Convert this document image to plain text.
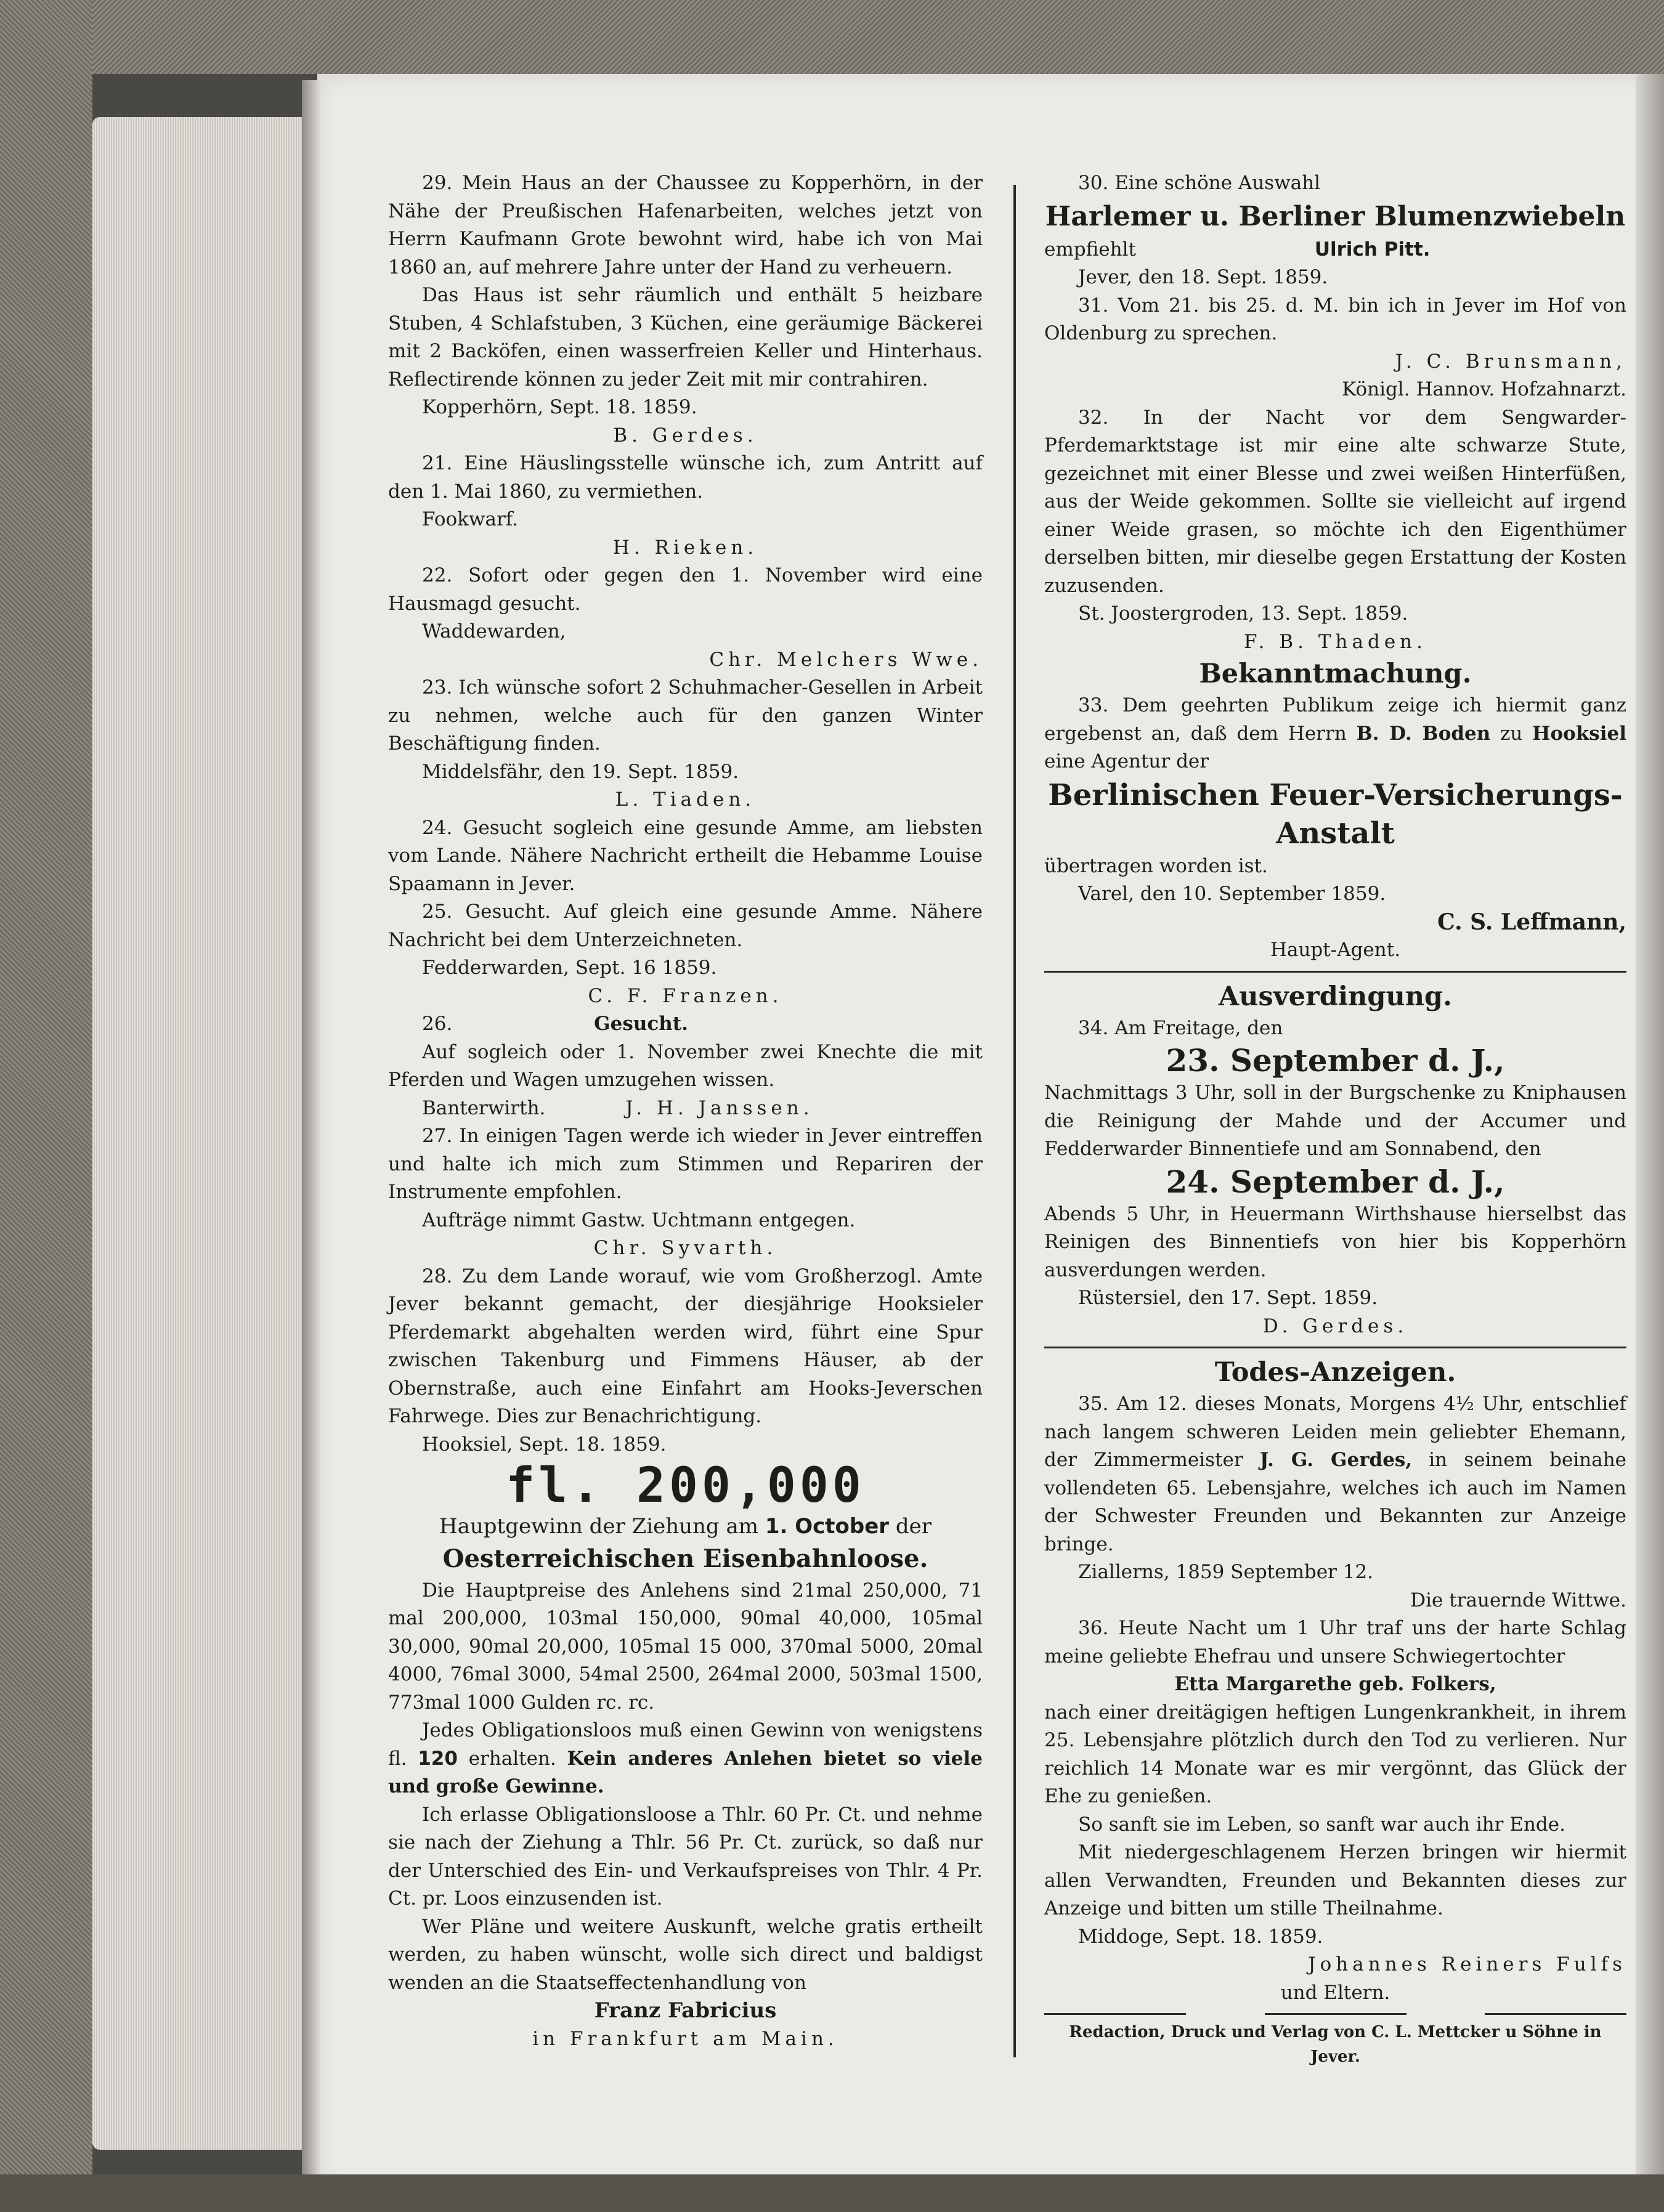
29. Mein Haus an der Chaussee zu Kopperhörn, in der Nähe der Preußischen Hafenarbeiten, welches jetzt von Herrn Kaufmann Grote bewohnt wird, habe ich von Mai 1860 an, auf mehrere Jahre unter der Hand zu verheuern.

Das Haus ist sehr räumlich und enthält 5 heizbare Stuben, 4 Schlafstuben, 3 Küchen, eine geräumige Bäckerei mit 2 Backöfen, einen wasserfreien Keller und Hinterhaus. Reflectirende können zu jeder Zeit mit mir contrahiren.

Kopperhörn, Sept. 18. 1859.

B. Gerdes.

21. Eine Häuslingsstelle wünsche ich, zum Antritt auf den 1. Mai 1860, zu vermiethen.

Fookwarf.

H. Rieken.

22. Sofort oder gegen den 1. November wird eine Hausmagd gesucht.

Waddewarden,

Chr. Melchers Wwe.

23. Ich wünsche sofort 2 Schuhmacher-Gesellen in Arbeit zu nehmen, welche auch für den ganzen Winter Beschäftigung finden.

Middelsfähr, den 19. Sept. 1859.

L. Tiaden.

24. Gesucht sogleich eine gesunde Amme, am liebsten vom Lande. Nähere Nachricht ertheilt die Hebamme Louise Spaamann in Jever.

25. Gesucht. Auf gleich eine gesunde Amme. Nähere Nachricht bei dem Unterzeichneten.

Fedderwarden, Sept. 16 1859.

C. F. Franzen.

26.	Gesucht.

Auf sogleich oder 1. November zwei Knechte die mit Pferden und Wagen umzugehen wissen.

Banterwirth.	J. H. Janssen.

27. In einigen Tagen werde ich wieder in Jever eintreffen und halte ich mich zum Stimmen und Repariren der Instrumente empfohlen.

Aufträge nimmt Gastw. Uchtmann entgegen.

Chr. Syvarth.

28. Zu dem Lande worauf, wie vom Großherzogl. Amte Jever bekannt gemacht, der diesjährige Hooksieler Pferdemarkt abgehalten werden wird, führt eine Spur zwischen Takenburg und Fimmens Häuser, ab der Obernstraße, auch eine Einfahrt am Hooks-Jeverschen Fahrwege. Dies zur Benachrichtigung.

Hooksiel, Sept. 18. 1859.

fl. 200,000

Hauptgewinn der Ziehung am 1. October der

Oesterreichischen Eisenbahnloose.

Die Hauptpreise des Anlehens sind 21mal 250,000, 71 mal 200,000, 103mal 150,000, 90mal 40,000, 105mal 30,000, 90mal 20,000, 105mal 15 000, 370mal 5000, 20mal 4000, 76mal 3000, 54mal 2500, 264mal 2000, 503mal 1500, 773mal 1000 Gulden rc. rc.

Jedes Obligationsloos muß einen Gewinn von wenigstens fl. 120 erhalten. Kein anderes Anlehen bietet so viele und große Gewinne.

Ich erlasse Obligationsloose a Thlr. 60 Pr. Ct. und nehme sie nach der Ziehung a Thlr. 56 Pr. Ct. zurück, so daß nur der Unterschied des Ein- und Verkaufspreises von Thlr. 4 Pr. Ct. pr. Loos einzusenden ist.

Wer Pläne und weitere Auskunft, welche gratis ertheilt werden, zu haben wünscht, wolle sich direct und baldigst wenden an die Staatseffectenhandlung von

Franz Fabricius

in Frankfurt am Main.

30. Eine schöne Auswahl

Harlemer u. Berliner Blumenzwiebeln

empfiehlt	Ulrich Pitt.

Jever, den 18. Sept. 1859.

31. Vom 21. bis 25. d. M. bin ich in Jever im Hof von Oldenburg zu sprechen.

J. C. Brunsmann,

Königl. Hannov. Hofzahnarzt.

32. In der Nacht vor dem Sengwarder-Pferdemarktstage ist mir eine alte schwarze Stute, gezeichnet mit einer Blesse und zwei weißen Hinterfüßen, aus der Weide gekommen. Sollte sie vielleicht auf irgend einer Weide grasen, so möchte ich den Eigenthümer derselben bitten, mir dieselbe gegen Erstattung der Kosten zuzusenden.

St. Joostergroden, 13. Sept. 1859.

F. B. Thaden.

Bekanntmachung.

33. Dem geehrten Publikum zeige ich hiermit ganz ergebenst an, daß dem Herrn B. D. Boden zu Hooksiel eine Agentur der

Berlinischen Feuer-Versicherungs-Anstalt

übertragen worden ist.

Varel, den 10. September 1859.

C. S. Leffmann,

Haupt-Agent.

Ausverdingung.

34. Am Freitage, den

23. September d. J.,

Nachmittags 3 Uhr, soll in der Burgschenke zu Kniphausen die Reinigung der Mahde und der Accumer und Fedderwarder Binnentiefe und am Sonnabend, den

24. September d. J.,

Abends 5 Uhr, in Heuermann Wirthshause hierselbst das Reinigen des Binnentiefs von hier bis Kopperhörn ausverdungen werden.

Rüstersiel, den 17. Sept. 1859.

D. Gerdes.

Todes-Anzeigen.

35. Am 12. dieses Monats, Morgens 4½ Uhr, entschlief nach langem schweren Leiden mein geliebter Ehemann, der Zimmermeister J. G. Gerdes, in seinem beinahe vollendeten 65. Lebensjahre, welches ich auch im Namen der Schwester Freunden und Bekannten zur Anzeige bringe.

Ziallerns, 1859 September 12.

Die trauernde Wittwe.

36. Heute Nacht um 1 Uhr traf uns der harte Schlag meine geliebte Ehefrau und unsere Schwiegertochter

Etta Margarethe geb. Folkers,

nach einer dreitägigen heftigen Lungenkrankheit, in ihrem 25. Lebensjahre plötzlich durch den Tod zu verlieren. Nur reichlich 14 Monate war es mir vergönnt, das Glück der Ehe zu genießen.

So sanft sie im Leben, so sanft war auch ihr Ende.

Mit niedergeschlagenem Herzen bringen wir hiermit allen Verwandten, Freunden und Bekannten dieses zur Anzeige und bitten um stille Theilnahme.

Middoge, Sept. 18. 1859.

Johannes Reiners Fulfs

und Eltern.

Redaction, Druck und Verlag von C. L. Mettcker u Söhne in Jever.
